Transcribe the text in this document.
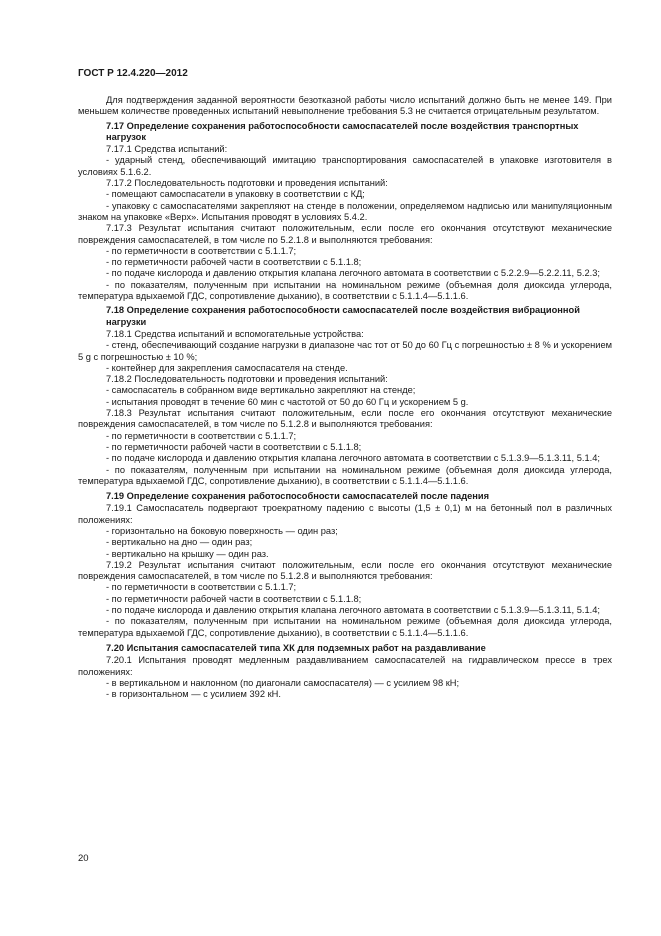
ГОСТ Р 12.4.220—2012

Для подтверждения заданной вероятности безотказной работы число испытаний должно быть не менее 149. При меньшем количестве проведенных испытаний невыполнение требования 5.3 не считается отрицательным результатом.

7.17 Определение сохранения работоспособности самоспасателей после воздействия транспортных нагрузок

7.17.1 Средства испытаний:

- ударный стенд, обеспечивающий имитацию транспортирования самоспасателей в упаковке изготовителя в условиях 5.1.6.2.

7.17.2 Последовательность подготовки и проведения испытаний:

- помещают самоспасатели в упаковку в соответствии с КД;

- упаковку с самоспасателями закрепляют на стенде в положении, определяемом надписью или манипуляционным знаком на упаковке «Верх». Испытания проводят в условиях 5.4.2.

7.17.3 Результат испытания считают положительным, если после его окончания отсутствуют механические повреждения самоспасателей, в том числе по 5.2.1.8 и выполняются требования:

- по герметичности в соответствии с 5.1.1.7;

- по герметичности рабочей части в соответствии с 5.1.1.8;

- по подаче кислорода и давлению открытия клапана легочного автомата в соответствии с 5.2.2.9—5.2.2.11, 5.2.3;

- по показателям, полученным при испытании на номинальном режиме (объемная доля диоксида углерода, температура вдыхаемой ГДС, сопротивление дыханию), в соответствии с 5.1.1.4—5.1.1.6.

7.18 Определение сохранения работоспособности самоспасателей после воздействия вибрационной нагрузки

7.18.1 Средства испытаний и вспомогательные устройства:

- стенд, обеспечивающий создание нагрузки в диапазоне час тот от 50 до 60 Гц с погрешностью ± 8 % и ускорением 5 g с погрешностью ± 10 %;

- контейнер для закрепления самоспасателя на стенде.

7.18.2 Последовательность подготовки и проведения испытаний:

- самоспасатель в собранном виде вертикально закрепляют на стенде;

- испытания проводят в течение 60 мин с частотой от 50 до 60 Гц и ускорением 5 g.

7.18.3 Результат испытания считают положительным, если после его окончания отсутствуют механические повреждения самоспасателей, в том числе по 5.1.2.8 и выполняются требования:

- по герметичности в соответствии с 5.1.1.7;

- по герметичности рабочей части в соответствии с 5.1.1.8;

- по подаче кислорода и давлению открытия клапана легочного автомата в соответствии с 5.1.3.9—5.1.3.11, 5.1.4;

- по показателям, полученным при испытании на номинальном режиме (объемная доля диоксида углерода, температура вдыхаемой ГДС, сопротивление дыханию), в соответствии с 5.1.1.4—5.1.1.6.

7.19 Определение сохранения работоспособности самоспасателей после падения

7.19.1 Самоспасатель подвергают троекратному падению с высоты (1,5 ± 0,1) м на бетонный пол в различных положениях:

- горизонтально на боковую поверхность — один раз;

- вертикально на дно — один раз;

- вертикально на крышку — один раз.

7.19.2 Результат испытания считают положительным, если после его окончания отсутствуют механические повреждения самоспасателей, в том числе по 5.1.2.8 и выполняются требования:

- по герметичности в соответствии с 5.1.1.7;

- по герметичности рабочей части в соответствии с 5.1.1.8;

- по подаче кислорода и давлению открытия клапана легочного автомата в соответствии с 5.1.3.9—5.1.3.11, 5.1.4;

- по показателям, полученным при испытании на номинальном режиме (объемная доля диоксида углерода, температура вдыхаемой ГДС, сопротивление дыханию), в соответствии с 5.1.1.4—5.1.1.6.

7.20 Испытания самоспасателей типа ХК для подземных работ на раздавливание

7.20.1 Испытания проводят медленным раздавливанием самоспасателей на гидравлическом прессе в трех положениях:

- в вертикальном и наклонном (по диагонали самоспасателя) — с усилием 98 кН;

- в горизонтальном — с усилием 392 кН.

20
